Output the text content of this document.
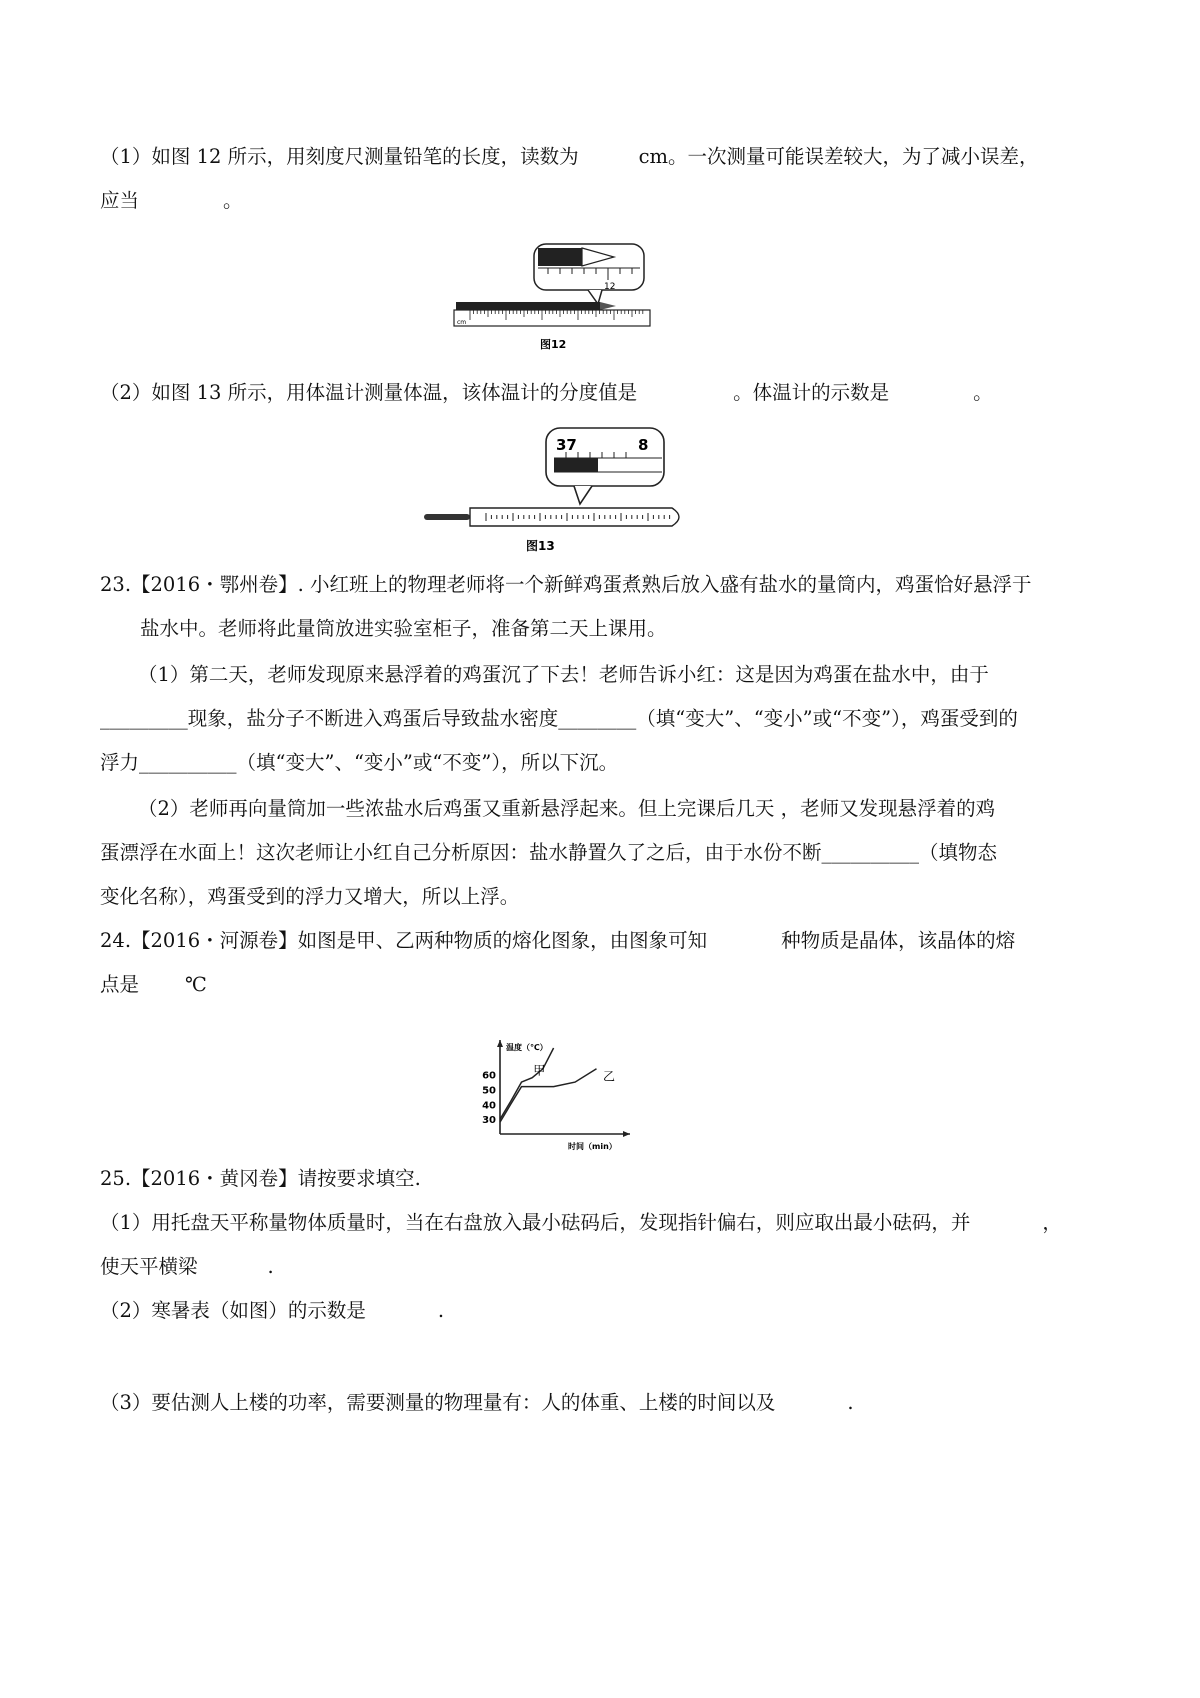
（1）如图 12 所示，用刻度尺测量铅笔的长度，读数为	cm。一次测量可能误差较大，为了减小误差，
应当	。
12
cm
图12
（2）如图 13 所示，用体温计测量体温，该体温计的分度值是	。体温计的示数是	。
37	8
图13
23.【2016・鄂州卷】. 小红班上的物理老师将一个新鲜鸡蛋煮熟后放入盛有盐水的量筒内，鸡蛋恰好悬浮于
盐水中。老师将此量筒放进实验室柜子，准备第二天上课用。
（1）第二天，老师发现原来悬浮着的鸡蛋沉了下去！老师告诉小红：这是因为鸡蛋在盐水中，由于
_________现象，盐分子不断进入鸡蛋后导致盐水密度________（填“变大”、“变小”或“不变”），鸡蛋受到的
浮力__________（填“变大”、“变小”或“不变”），所以下沉。
（2）老师再向量筒加一些浓盐水后鸡蛋又重新悬浮起来。但上完课后几天 ，老师又发现悬浮着的鸡
蛋漂浮在水面上！这次老师让小红自己分析原因：盐水静置久了之后，由于水份不断__________（填物态
变化名称），鸡蛋受到的浮力又增大，所以上浮。
24.【2016・河源卷】如图是甲、乙两种物质的熔化图象，由图象可知	种物质是晶体，该晶体的熔
点是 ℃
30
40
50
60
温度（℃）
时间（min）
甲	乙
25.【2016・黄冈卷】请按要求填空.
（1）用托盘天平称量物体质量时，当在右盘放入最小砝码后，发现指针偏右，则应取出最小砝码，并	，
使天平横梁	.
（2）寒暑表（如图）的示数是	.
（3）要估测人上楼的功率，需要测量的物理量有：人的体重、上楼的时间以及	.
